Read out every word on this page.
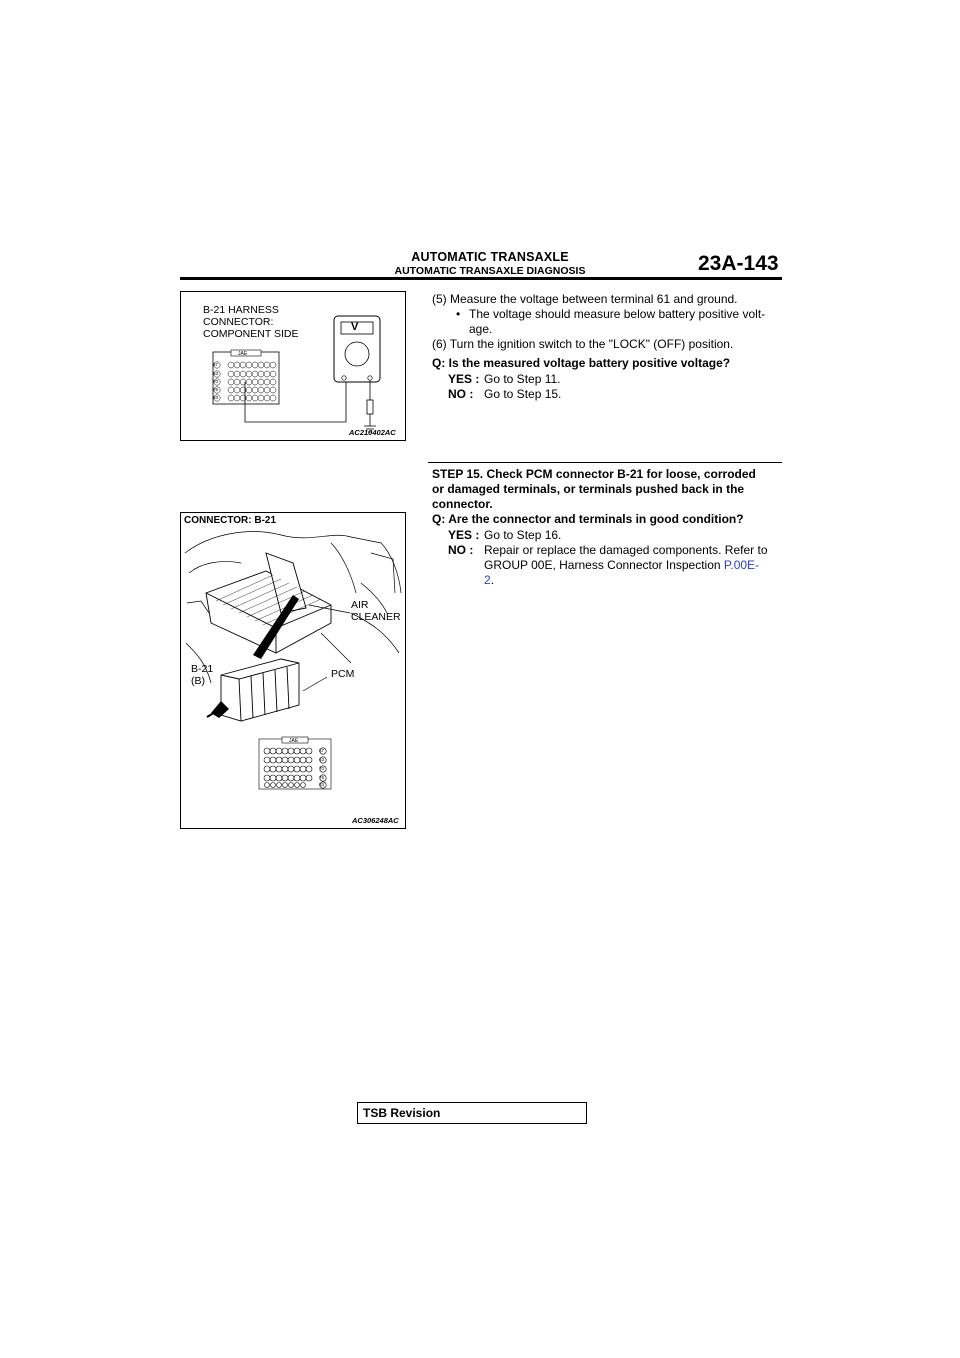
AUTOMATIC TRANSAXLE
AUTOMATIC TRANSAXLE DIAGNOSIS	23A-143
B-21 HARNESS
CONNECTOR:
COMPONENT SIDE
JAE
V
57
63
70
76
83
AC210402AC
CONNECTOR: B-21
AIR
CLEANER
B-21
(B)
PCM
JAE
57
63
70
76
83
AC306248AC
(5) Measure the voltage between terminal 61 and ground.
• The voltage should measure below battery positive volt-
age.
(6) Turn the ignition switch to the "LOCK" (OFF) position.
Q: Is the measured voltage battery positive voltage?
YES : Go to Step 11.
NO : Go to Step 15.
STEP 15. Check PCM connector B-21 for loose, corroded
or damaged terminals, or terminals pushed back in the
connector.
Q: Are the connector and terminals in good condition?
YES : Go to Step 16.
NO : Repair or replace the damaged components. Refer to
GROUP 00E, Harness Connector Inspection P.00E-
2.
TSB Revision
